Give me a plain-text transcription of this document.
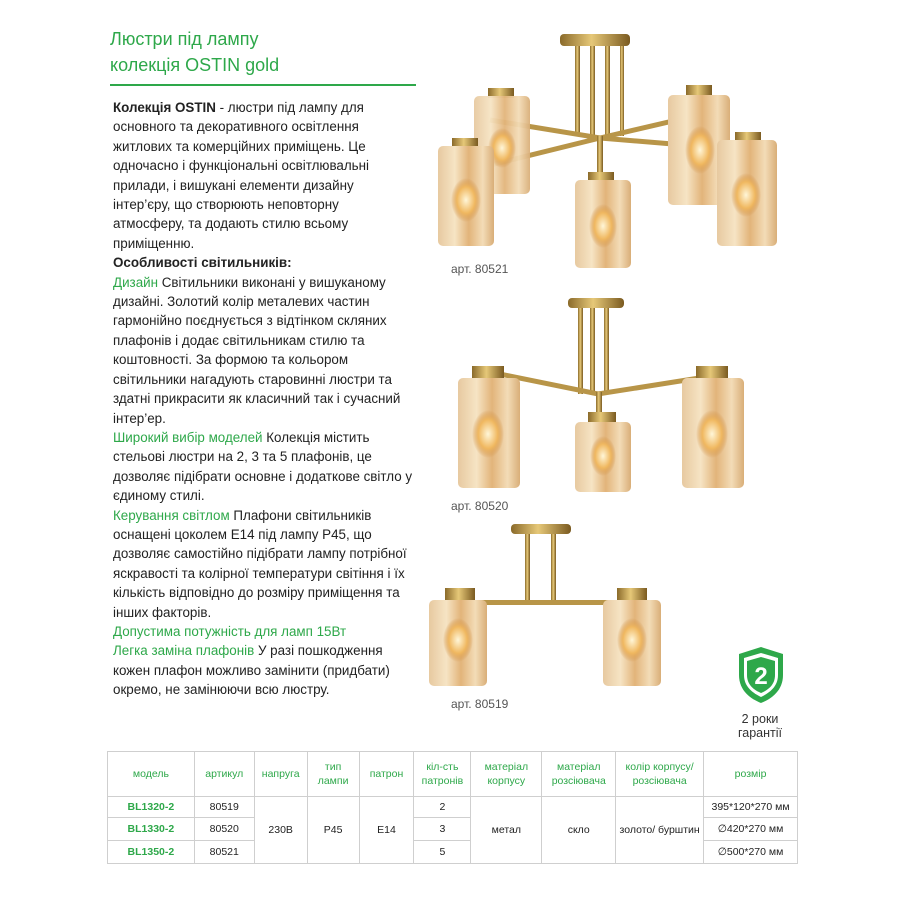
Люстри під лампу
колекція OSTIN gold

Колекція OSTIN - люстри під лампу для основного та декоративного освітлення житлових та комерційних приміщень. Це одночасно і функціональні освітлювальні прилади, і вишукані елементи дизайну інтер’єру, що створюють неповторну атмосферу, та додають стилю всьому приміщенню.

Особливості світильників:

Дизайн Світильники виконані у вишуканому дизайні. Золотий колір металевих частин гармонійно поєднується з відтінком скляних плафонів і додає світильникам стилю та коштовності. За формою та кольором світильники нагадують старовинні люстри та здатні прикрасити як класичний так і сучасний інтер’ер.

Широкий вибір моделей Колекція містить стельові люстри на 2, 3 та 5 плафонів, це дозволяє підібрати основне і додаткове світло у єдиному стилі.

Керування світлом Плафони світильників оснащені цоколем Е14 під лампу Р45, що дозволяє самостійно підібрати лампу потрібної яскравості та колірної температури світіння і їх кількість відповідно до розміру приміщення та інших факторів.

Допустима потужність для ламп 15Вт

Легка заміна плафонів У разі пошкодження кожен плафон можливо замінити (придбати) окремо, не замінюючи всю люстру.

арт. 80521
арт. 80520
арт. 80519
2
2 роки
гарантії
модель	артикул	напруга	тип лампи	патрон	кіл-сть патронів	матеріал корпусу	матеріал розсіювача	колір корпусу/ розсіювача	розмір
BL1320-2	80519	230В	P45	E14	2	метал	скло	золото/ бурштин	395*120*270 мм
BL1330-2	80520				3				∅420*270 мм
BL1350-2	80521				5				∅500*270 мм
